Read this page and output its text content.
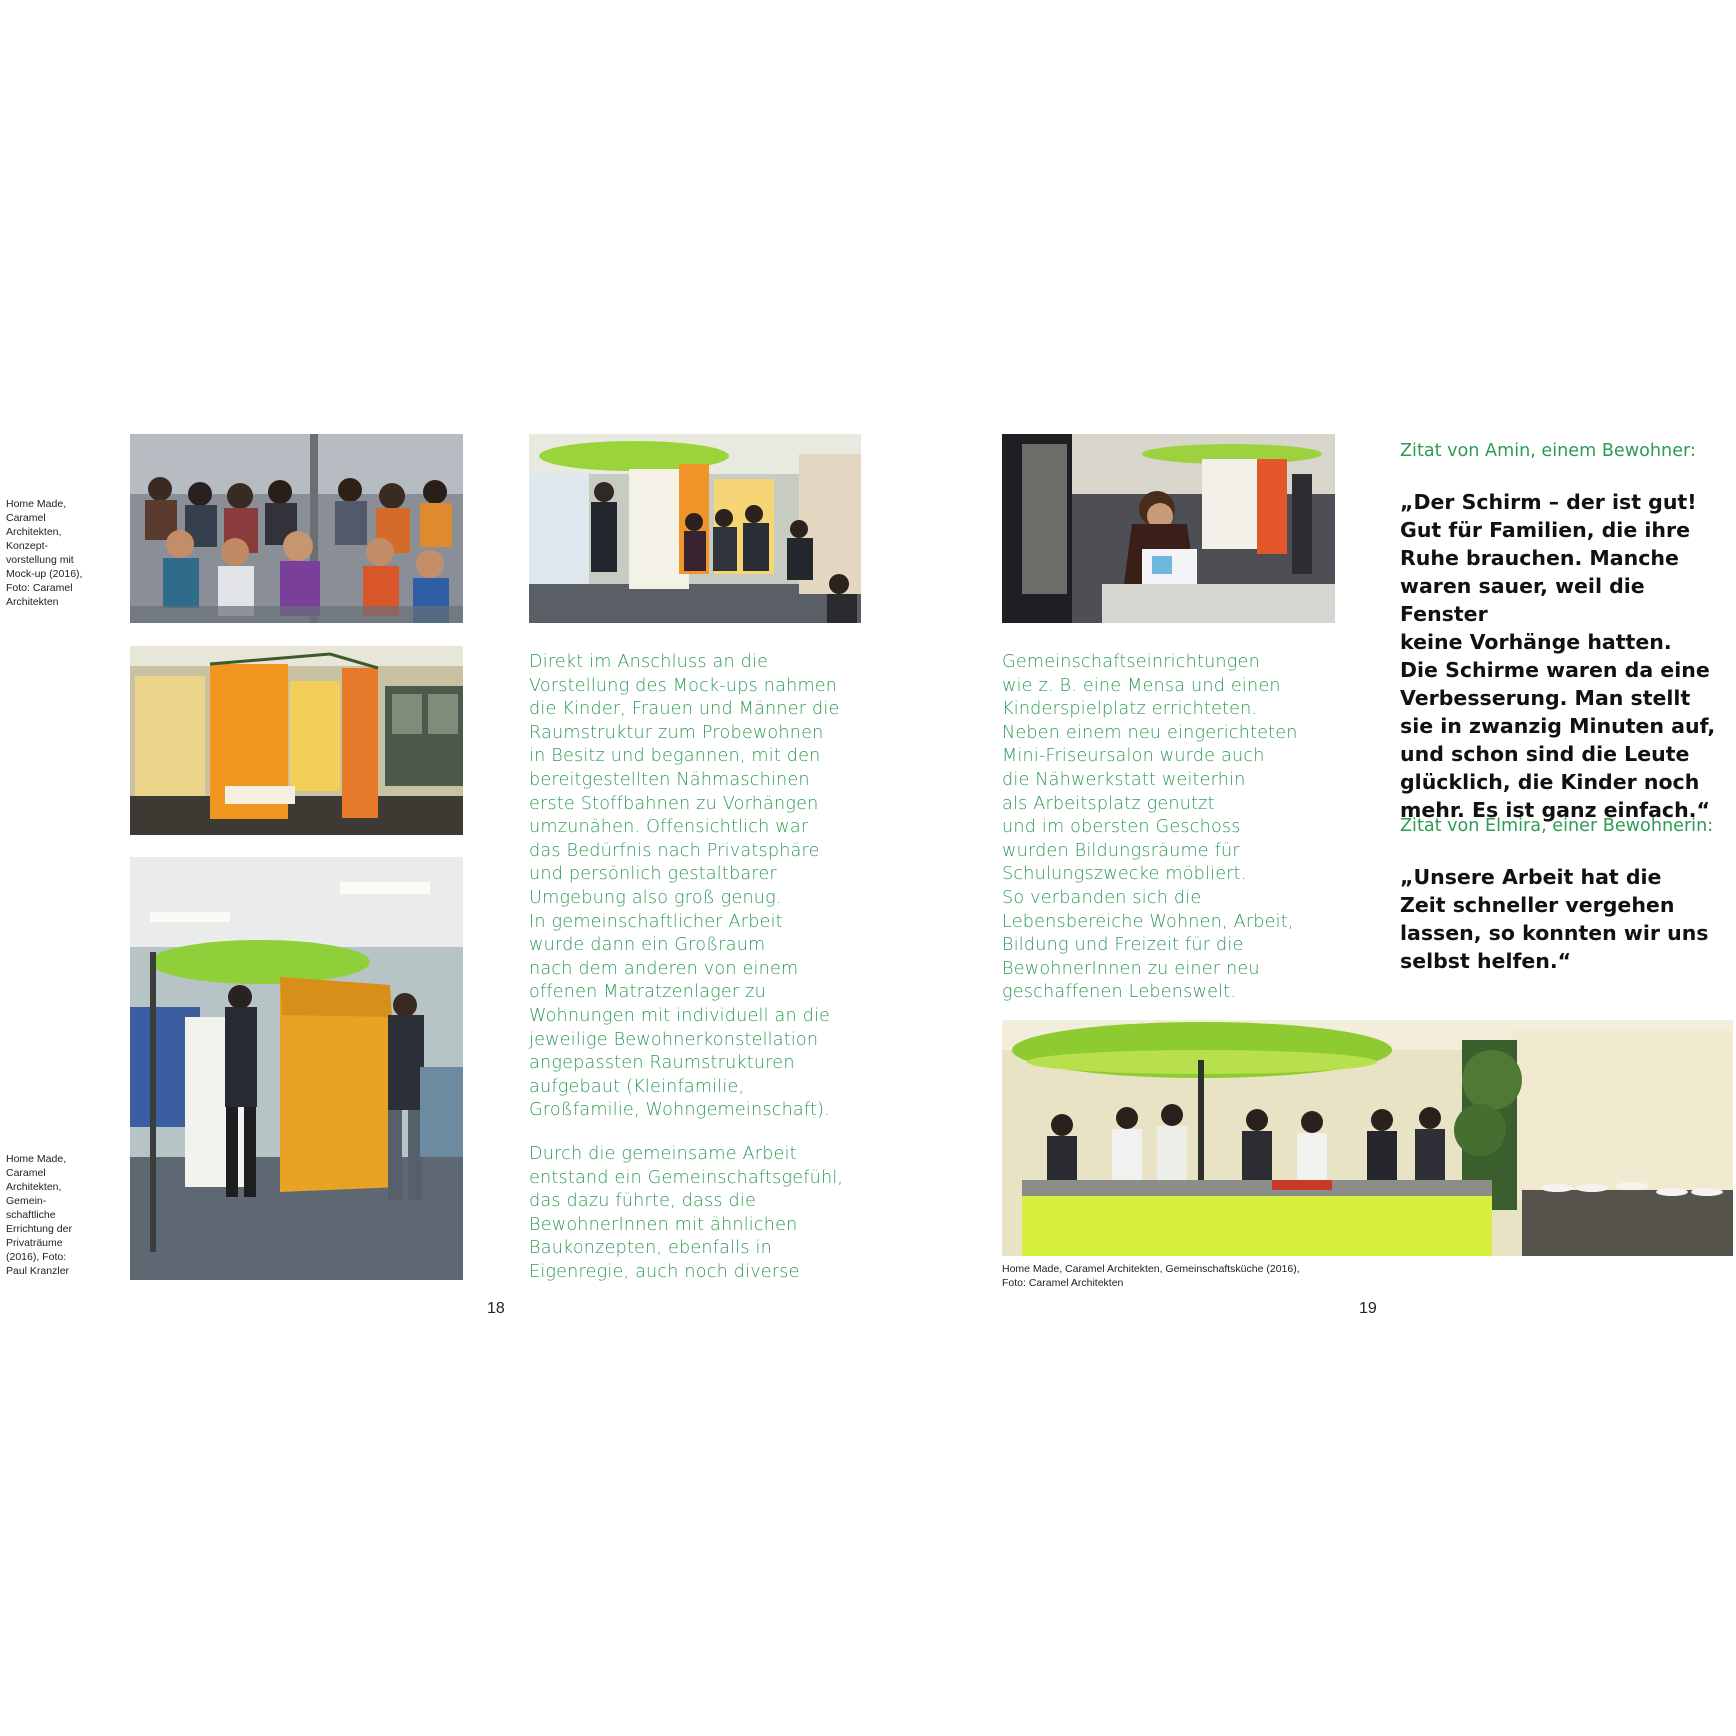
Home Made,
Caramel
Architekten,
Konzept-
vorstellung mit
Mock-up (2016),
Foto: Caramel
Architekten
Home Made,
Caramel
Architekten,
Gemein-
schaftliche
Errichtung der
Privaträume
(2016), Foto:
Paul Kranzler

Direkt im Anschluss an die
Vorstellung des Mock-ups nahmen
die Kinder, Frauen und Männer die
Raumstruktur zum Probewohnen
in Besitz und begannen, mit den
bereitgestellten Nähmaschinen
erste Stoffbahnen zu Vorhängen
umzunähen. Offensichtlich war
das Bedürfnis nach Privatsphäre
und persönlich gestaltbarer
Umgebung also groß genug.
In gemeinschaftlicher Arbeit
wurde dann ein Großraum
nach dem anderen von einem
offenen Matratzenlager zu
Wohnungen mit individuell an die
jeweilige Bewohnerkonstellation
angepassten Raumstrukturen
aufgebaut (Kleinfamilie,
Großfamilie, Wohngemeinschaft).

Durch die gemeinsame Arbeit
entstand ein Gemeinschaftsgefühl,
das dazu führte, dass die
BewohnerInnen mit ähnlichen
Baukonzepten, ebenfalls in
Eigenregie, auch noch diverse

18	19

Gemeinschaftseinrichtungen
wie z. B. eine Mensa und einen
Kinderspielplatz errichteten.
Neben einem neu eingerichteten
Mini-Friseursalon wurde auch
die Nähwerkstatt weiterhin
als Arbeitsplatz genutzt
und im obersten Geschoss
wurden Bildungsräume für
Schulungszwecke möbliert.
So verbanden sich die
Lebensbereiche Wohnen, Arbeit,
Bildung und Freizeit für die
BewohnerInnen zu einer neu
geschaffenen Lebenswelt.

Zitat von Amin, einem Bewohner:

„Der Schirm – der ist gut!
Gut für Familien, die ihre
Ruhe brauchen. Manche
waren sauer, weil die Fenster
keine Vorhänge hatten.
Die Schirme waren da eine
Verbesserung. Man stellt
sie in zwanzig Minuten auf,
und schon sind die Leute
glücklich, die Kinder noch
mehr. Es ist ganz einfach.“

Zitat von Elmira, einer Bewohnerin:

„Unsere Arbeit hat die
Zeit schneller vergehen
lassen, so konnten wir uns
selbst helfen.“

Home Made, Caramel Architekten, Gemeinschaftsküche (2016),
Foto: Caramel Architekten
